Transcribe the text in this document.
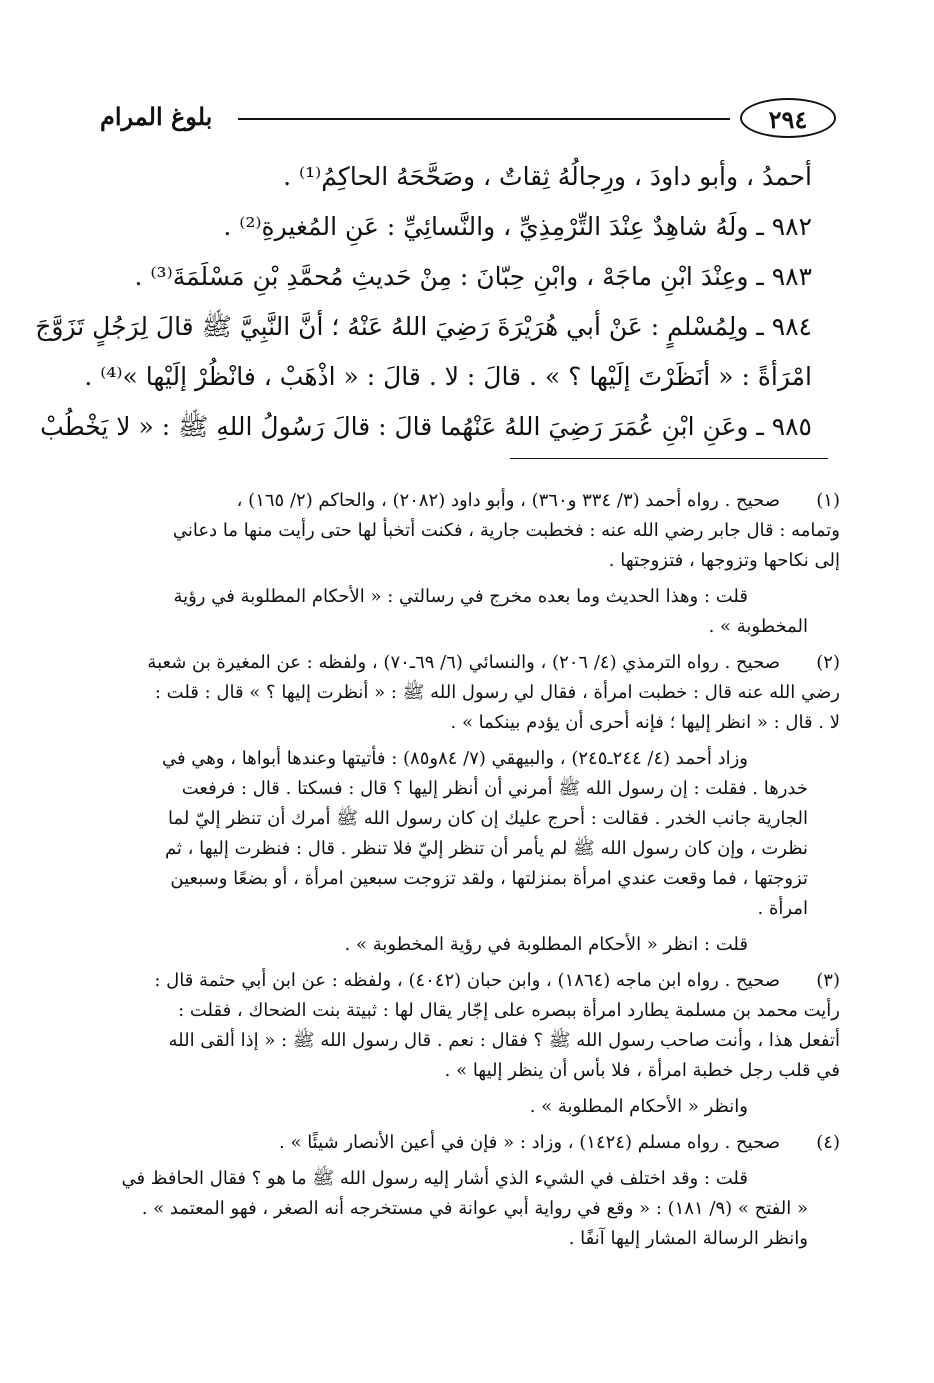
بلوغ المرام	٢٩٤
أحمدُ ، وأبو داودَ ، ورِجالُهُ ثِقاتٌ ، وصَحَّحَهُ الحاكِمُ⁽¹⁾ .
٩٨٢ ـ ولَهُ شاهِدٌ عِنْدَ التِّرْمِذِيِّ ، والنَّسائِيِّ : عَنِ المُغيرةِ⁽²⁾ .
٩٨٣ ـ وعِنْدَ ابْنِ ماجَهْ ، وابْنِ حِبّانَ : مِنْ حَديثِ مُحمَّدِ بْنِ مَسْلَمَةَ⁽³⁾ .
٩٨٤ ـ ولِمُسْلمٍ : عَنْ أبي هُرَيْرَةَ رَضِيَ اللهُ عَنْهُ ؛ أنَّ النَّبِيَّ ﷺ قالَ لِرَجُلٍ تَزَوَّجَ
امْرَأةً : « أنَظَرْتَ إلَيْها ؟ » . قالَ : لا . قالَ : « اذْهَبْ ، فانْظُرْ إلَيْها »⁽⁴⁾ .
٩٨٥ ـ وعَنِ ابْنِ عُمَرَ رَضِيَ اللهُ عَنْهُما قالَ : قالَ رَسُولُ اللهِ ﷺ : « لا يَخْطُبْ
(١)
صحيح . رواه أحمد (٣/ ٣٣٤ و٣٦٠) ، وأبو داود (٢٠٨٢) ، والحاكم (٢/ ١٦٥) ،
وتمامه : قال جابر رضي الله عنه : فخطبت جارية ، فكنت أتخبأ لها حتى رأيت منها ما دعاني
إلى نكاحها وتزوجها ، فتزوجتها .
قلت : وهذا الحديث وما بعده مخرج في رسالتي : « الأحكام المطلوبة في رؤية
المخطوبة » .
(٢)
صحيح . رواه الترمذي (٤/ ٢٠٦) ، والنسائي (٦/ ٦٩ـ٧٠) ، ولفظه : عن المغيرة بن شعبة
رضي الله عنه قال : خطبت امرأة ، فقال لي رسول الله ﷺ : « أنظرت إليها ؟ » قال : قلت :
لا . قال : « انظر إليها ؛ فإنه أحرى أن يؤدم بينكما » .
وزاد أحمد (٤/ ٢٤٤ـ٢٤٥) ، والبيهقي (٧/ ٨٤و٨٥) : فأتيتها وعندها أبواها ، وهي في
خدرها . فقلت : إن رسول الله ﷺ أمرني أن أنظر إليها ؟ قال : فسكتا . قال : فرفعت
الجارية جانب الخدر . فقالت : أحرج عليك إن كان رسول الله ﷺ أمرك أن تنظر إليّ لما
نظرت ، وإن كان رسول الله ﷺ لم يأمر أن تنظر إليّ فلا تنظر . قال : فنظرت إليها ، ثم
تزوجتها ، فما وقعت عندي امرأة بمنزلتها ، ولقد تزوجت سبعين امرأة ، أو بضعًا وسبعين
امرأة .
قلت : انظر « الأحكام المطلوبة في رؤية المخطوبة » .
(٣)
صحيح . رواه ابن ماجه (١٨٦٤) ، وابن حبان (٤٠٤٢) ، ولفظه : عن ابن أبي حثمة قال :
رأيت محمد بن مسلمة يطارد امرأة ببصره على إجّار يقال لها : ثبيتة بنت الضحاك ، فقلت :
أتفعل هذا ، وأنت صاحب رسول الله ﷺ ؟ فقال : نعم . قال رسول الله ﷺ : « إذا ألقى الله
في قلب رجل خطبة امرأة ، فلا بأس أن ينظر إليها » .
وانظر « الأحكام المطلوبة » .
(٤)
صحيح . رواه مسلم (١٤٢٤) ، وزاد : « فإن في أعين الأنصار شيئًا » .
قلت : وقد اختلف في الشيء الذي أشار إليه رسول الله ﷺ ما هو ؟ فقال الحافظ في
« الفتح » (٩/ ١٨١) : « وقع في رواية أبي عوانة في مستخرجه أنه الصغر ، فهو المعتمد » .
وانظر الرسالة المشار إليها آنفًا .
